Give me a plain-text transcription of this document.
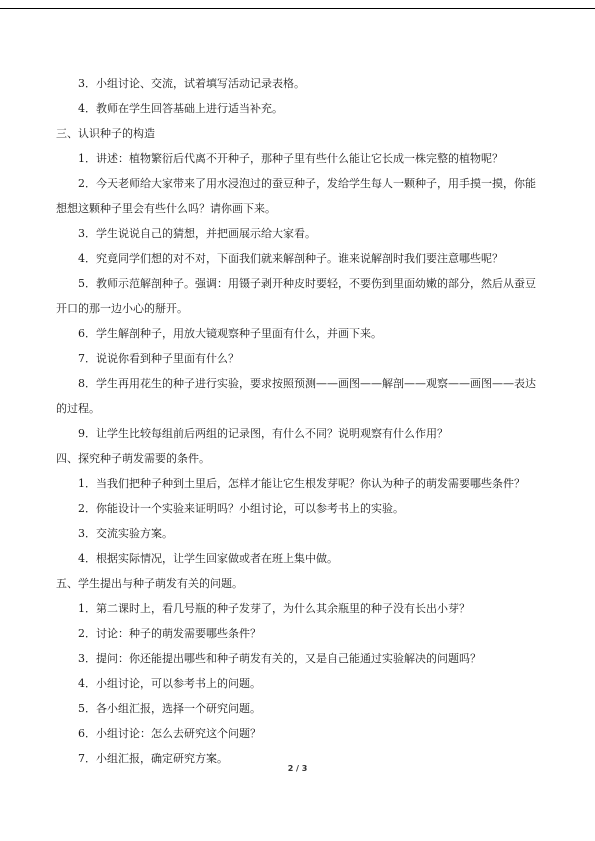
3．小组讨论、交流，试着填写活动记录表格。

4．教师在学生回答基础上进行适当补充。

三、认识种子的构造

1．讲述：植物繁衍后代离不开种子，那种子里有些什么能让它长成一株完整的植物呢？

2．今天老师给大家带来了用水浸泡过的蚕豆种子，发给学生每人一颗种子，用手摸一摸，你能想想这颗种子里会有些什么吗？请你画下来。

3．学生说说自己的猜想，并把画展示给大家看。

4．究竟同学们想的对不对，下面我们就来解剖种子。谁来说解剖时我们要注意哪些呢？

5．教师示范解剖种子。强调：用镊子剥开种皮时要轻，不要伤到里面幼嫩的部分，然后从蚕豆开口的那一边小心的掰开。

6．学生解剖种子，用放大镜观察种子里面有什么，并画下来。

7．说说你看到种子里面有什么？

8．学生再用花生的种子进行实验，要求按照预测——画图——解剖——观察——画图——表达的过程。

9．让学生比较每组前后两组的记录图，有什么不同？说明观察有什么作用？

四、探究种子萌发需要的条件。

1．当我们把种子种到土里后，怎样才能让它生根发芽呢？你认为种子的萌发需要哪些条件？

2．你能设计一个实验来证明吗？小组讨论，可以参考书上的实验。

3．交流实验方案。

4．根据实际情况，让学生回家做或者在班上集中做。

五、学生提出与种子萌发有关的问题。

1．第二课时上，看几号瓶的种子发芽了，为什么其余瓶里的种子没有长出小芽？

2．讨论：种子的萌发需要哪些条件？

3．提问：你还能提出哪些和种子萌发有关的，又是自己能通过实验解决的问题吗？

4．小组讨论，可以参考书上的问题。

5．各小组汇报，选择一个研究问题。

6．小组讨论：怎么去研究这个问题？

7．小组汇报，确定研究方案。

2 / 3
